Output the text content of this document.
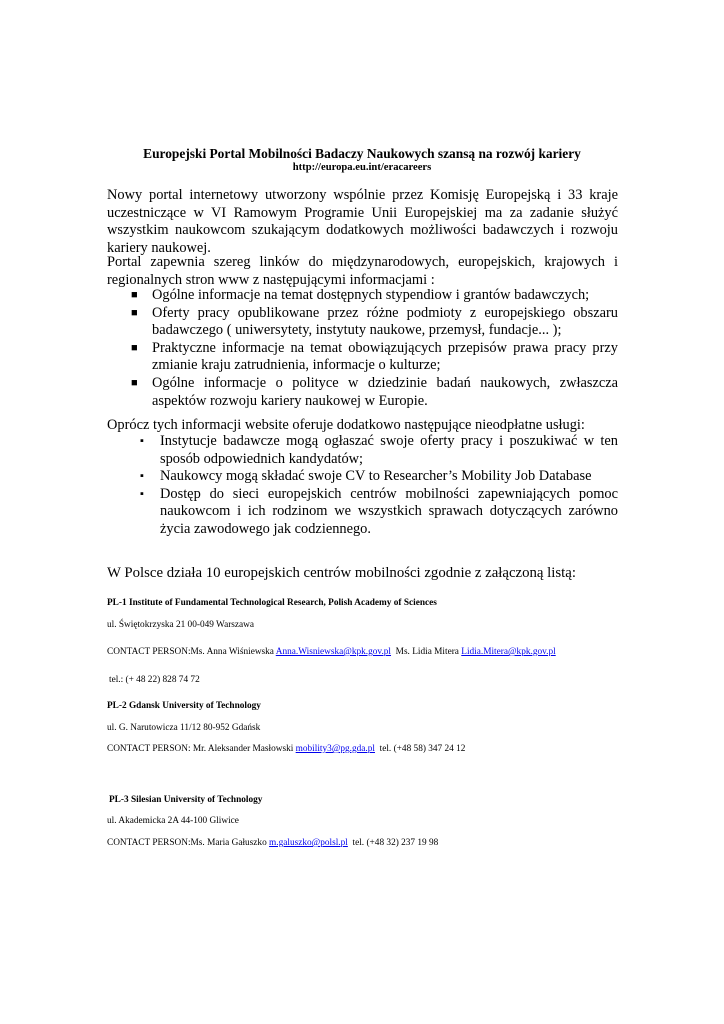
Europejski Portal Mobilności Badaczy Naukowych szansą na rozwój kariery
http://europa.eu.int/eracareers

Nowy portal internetowy utworzony wspólnie przez Komisję Europejską i 33 kraje uczestniczące w VI Ramowym Programie Unii Europejskiej ma za zadanie służyć wszystkim naukowcom szukającym dodatkowych możliwości badawczych i rozwoju kariery naukowej.

Portal zapewnia szereg linków do międzynarodowych, europejskich, krajowych i regionalnych stron www z następującymi informacjami :

■ Ogólne informacje na temat dostępnych stypendiow i grantów badawczych;
■ Oferty pracy opublikowane przez różne podmioty z europejskiego obszaru badawczego ( uniwersytety, instytuty naukowe, przemysł, fundacje... );
■ Praktyczne informacje na temat obowiązujących przepisów prawa pracy przy zmianie kraju zatrudnienia, informacje o kulturze;
■ Ogólne informacje o polityce w dziedzinie badań naukowych, zwłaszcza aspektów rozwoju kariery naukowej w Europie.

Oprócz tych informacji website oferuje dodatkowo następujące nieodpłatne usługi:

▪ Instytucje badawcze mogą ogłaszać swoje oferty pracy i poszukiwać w ten sposób odpowiednich kandydatów;
▪ Naukowcy mogą składać swoje CV to Researcher’s Mobility Job Database
▪ Dostęp do sieci europejskich centrów mobilności zapewniających pomoc naukowcom i ich rodzinom we wszystkich sprawach dotyczących zarówno życia zawodowego jak codziennego.

W Polsce działa 10 europejskich centrów mobilności zgodnie z załączoną listą:

PL-1 Institute of Fundamental Technological Research, Polish Academy of Sciences
ul. Świętokrzyska 21 00-049 Warszawa
CONTACT PERSON:Ms. Anna Wiśniewska Anna.Wisniewska@kpk.gov.pl Ms. Lidia Mitera Lidia.Mitera@kpk.gov.pl
tel.: (+ 48 22) 828 74 72
PL-2 Gdansk University of Technology
ul. G. Narutowicza 11/12 80-952 Gdańsk
CONTACT PERSON: Mr. Aleksander Masłowski mobility3@pg.gda.pl tel. (+48 58) 347 24 12
PL-3 Silesian University of Technology
ul. Akademicka 2A 44-100 Gliwice
CONTACT PERSON:Ms. Maria Gałuszko m.galuszko@polsl.pl tel. (+48 32) 237 19 98
